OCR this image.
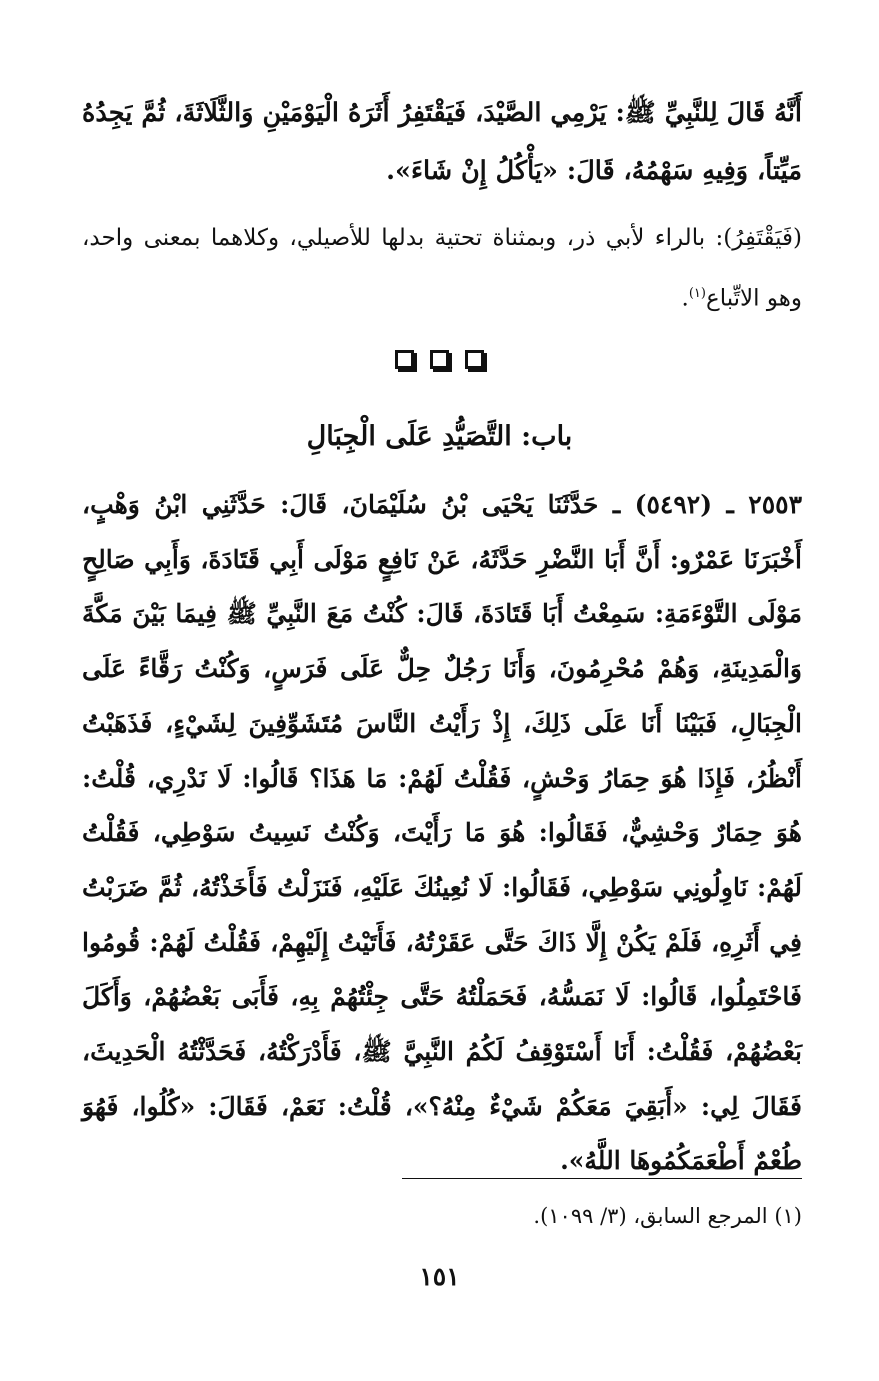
أَنَّهُ قَالَ لِلنَّبِيِّ ﷺ: يَرْمِي الصَّيْدَ، فَيَقْتَفِرُ أَثَرَهُ الْيَوْمَيْنِ وَالثَّلَاثَةَ، ثُمَّ يَجِدُهُ مَيِّتاً، وَفِيهِ سَهْمُهُ، قَالَ: «يَأْكُلُ إِنْ شَاءَ».
(فَيَقْتَفِرُ): بالراء لأبي ذر، وبمثناة تحتية بدلها للأصيلي، وكلاهما بمعنى واحد، وهو الاتِّباع$^{(١)}$.
باب: التَّصَيُّدِ عَلَى الْجِبَالِ
٢٥٥٣ ـ (٥٤٩٢) ـ حَدَّثَنَا يَحْيَى بْنُ سُلَيْمَانَ، قَالَ: حَدَّثَنِي ابْنُ وَهْبٍ، أَخْبَرَنَا عَمْرٌو: أَنَّ أَبَا النَّضْرِ حَدَّثَهُ، عَنْ نَافِعٍ مَوْلَى أَبِي قَتَادَةَ، وَأَبِي صَالِحٍ مَوْلَى التَّوْءَمَةِ: سَمِعْتُ أَبَا قَتَادَةَ، قَالَ: كُنْتُ مَعَ النَّبِيِّ ﷺ فِيمَا بَيْنَ مَكَّةَ وَالْمَدِينَةِ، وَهُمْ مُحْرِمُونَ، وَأَنَا رَجُلٌ حِلٌّ عَلَى فَرَسٍ، وَكُنْتُ رَقَّاءً عَلَى الْجِبَالِ، فَبَيْنَا أَنَا عَلَى ذَلِكَ، إِذْ رَأَيْتُ النَّاسَ مُتَشَوِّفِينَ لِشَيْءٍ، فَذَهَبْتُ أَنْظُرُ، فَإِذَا هُوَ حِمَارُ وَحْشٍ، فَقُلْتُ لَهُمْ: مَا هَذَا؟ قَالُوا: لَا نَدْرِي، قُلْتُ: هُوَ حِمَارٌ وَحْشِيٌّ، فَقَالُوا: هُوَ مَا رَأَيْتَ، وَكُنْتُ نَسِيتُ سَوْطِي، فَقُلْتُ لَهُمْ: نَاوِلُونِي سَوْطِي، فَقَالُوا: لَا نُعِينُكَ عَلَيْهِ، فَنَزَلْتُ فَأَخَذْتُهُ، ثُمَّ ضَرَبْتُ فِي أَثَرِهِ، فَلَمْ يَكُنْ إِلَّا ذَاكَ حَتَّى عَقَرْتُهُ، فَأَتَيْتُ إِلَيْهِمْ، فَقُلْتُ لَهُمْ: قُومُوا فَاحْتَمِلُوا، قَالُوا: لَا نَمَسُّهُ، فَحَمَلْتُهُ حَتَّى جِئْتُهُمْ بِهِ، فَأَبَى بَعْضُهُمْ، وَأَكَلَ بَعْضُهُمْ، فَقُلْتُ: أَنَا أَسْتَوْقِفُ لَكُمُ النَّبِيَّ ﷺ، فَأَدْرَكْتُهُ، فَحَدَّثْتُهُ الْحَدِيثَ، فَقَالَ لِي: «أَبَقِيَ مَعَكُمْ شَيْءٌ مِنْهُ؟»، قُلْتُ: نَعَمْ، فَقَالَ: «كُلُوا، فَهُوَ طُعْمٌ أَطْعَمَكُمُوهَا اللَّهُ».
(١) المرجع السابق، (٣/ ١٠٩٩).
١٥١
